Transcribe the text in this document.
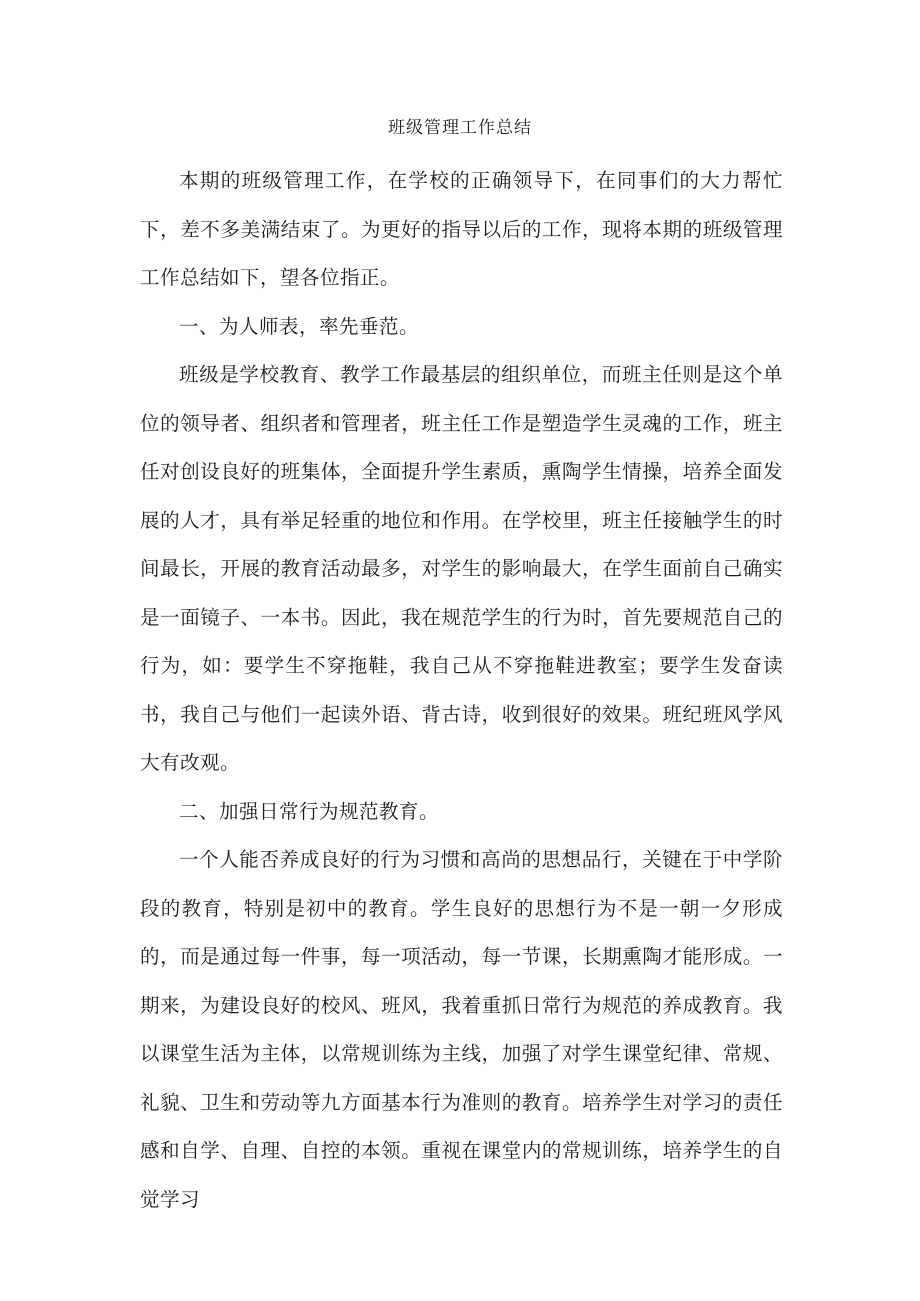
班级管理工作总结

本期的班级管理工作，在学校的正确领导下，在同事们的大力帮忙下，差不多美满结束了。为更好的指导以后的工作，现将本期的班级管理工作总结如下，望各位指正。

一、为人师表，率先垂范。

班级是学校教育、教学工作最基层的组织单位，而班主任则是这个单位的领导者、组织者和管理者，班主任工作是塑造学生灵魂的工作，班主任对创设良好的班集体，全面提升学生素质，熏陶学生情操，培养全面发展的人才，具有举足轻重的地位和作用。在学校里，班主任接触学生的时间最长，开展的教育活动最多，对学生的影响最大，在学生面前自己确实是一面镜子、一本书。因此，我在规范学生的行为时，首先要规范自己的行为，如：要学生不穿拖鞋，我自己从不穿拖鞋进教室；要学生发奋读书，我自己与他们一起读外语、背古诗，收到很好的效果。班纪班风学风大有改观。

二、加强日常行为规范教育。

一个人能否养成良好的行为习惯和高尚的思想品行，关键在于中学阶段的教育，特别是初中的教育。学生良好的思想行为不是一朝一夕形成的，而是通过每一件事，每一项活动，每一节课，长期熏陶才能形成。一期来，为建设良好的校风、班风，我着重抓日常行为规范的养成教育。我以课堂生活为主体，以常规训练为主线，加强了对学生课堂纪律、常规、礼貌、卫生和劳动等九方面基本行为准则的教育。培养学生对学习的责任感和自学、自理、自控的本领。重视在课堂内的常规训练，培养学生的自觉学习
